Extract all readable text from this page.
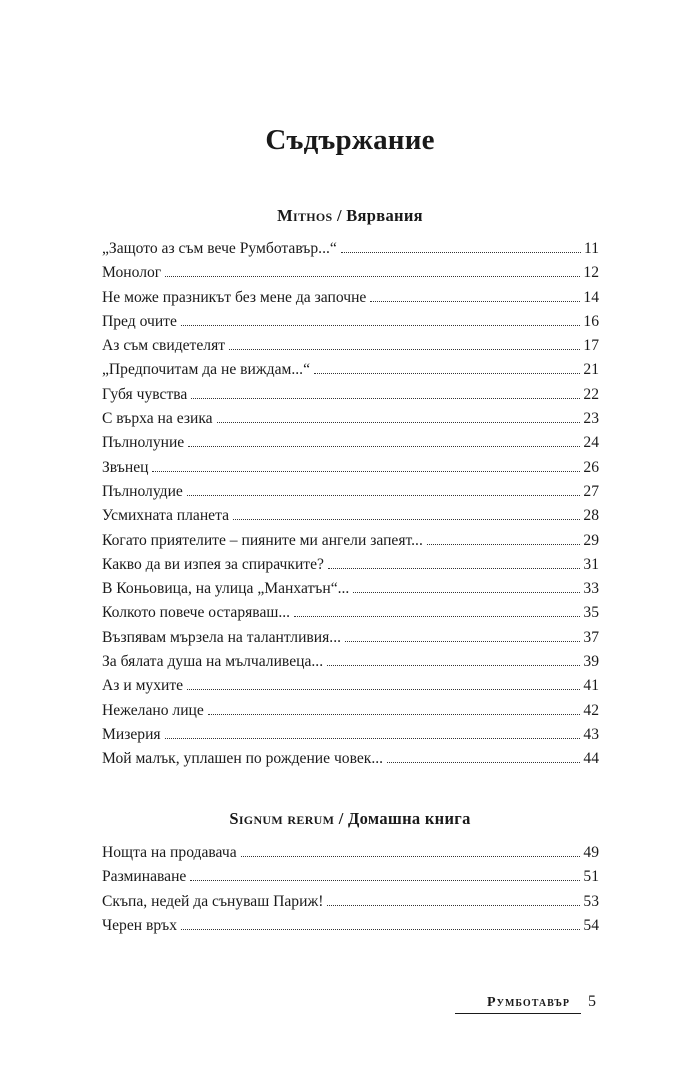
Съдържание
Mithos / Вярвания
„Защото аз съм вече Румботавър...“	11
Монолог	12
Не може празникът без мене да започне	14
Пред очите	16
Аз съм свидетелят	17
„Предпочитам да не виждам...“	21
Губя чувства	22
С върха на езика	23
Пълнолуние	24
Звънец	26
Пълнолудие	27
Усмихната планета	28
Когато приятелите – пияните ми ангели запеят...	29
Какво да ви изпея за спирачките?	31
В Коньовица, на улица „Манхатън“...	33
Колкото повече остаряваш...	35
Възпявам мързела на талантливия...	37
За бялата душа на мълчаливеца...	39
Аз и мухите	41
Нежелано лице	42
Мизерия	43
Мой малък, уплашен по рождение човек...	44
Signum rerum / Домашна книга
Нощта на продавача	49
Разминаване	51
Скъпа, недей да сънуваш Париж!	53
Черен връх	54
Румботавър 5
